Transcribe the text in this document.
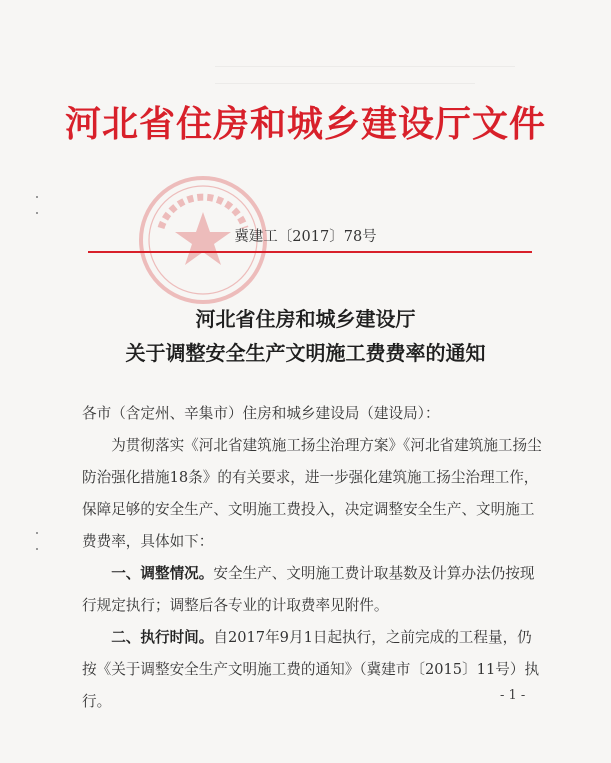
河北省住房和城乡建设厅文件
冀建工〔2017〕78号
河北省住房和城乡建设厅
关于调整安全生产文明施工费费率的通知

各市（含定州、辛集市）住房和城乡建设局（建设局）：

为贯彻落实《河北省建筑施工扬尘治理方案》《河北省建筑施工扬尘防治强化措施18条》的有关要求，进一步强化建筑施工扬尘治理工作，保障足够的安全生产、文明施工费投入，决定调整安全生产、文明施工费费率，具体如下：

一、调整情况。安全生产、文明施工费计取基数及计算办法仍按现行规定执行；调整后各专业的计取费率见附件。

二、执行时间。自2017年9月1日起执行，之前完成的工程量，仍按《关于调整安全生产文明施工费的通知》（冀建市〔2015〕11号）执行。	- 1 -
